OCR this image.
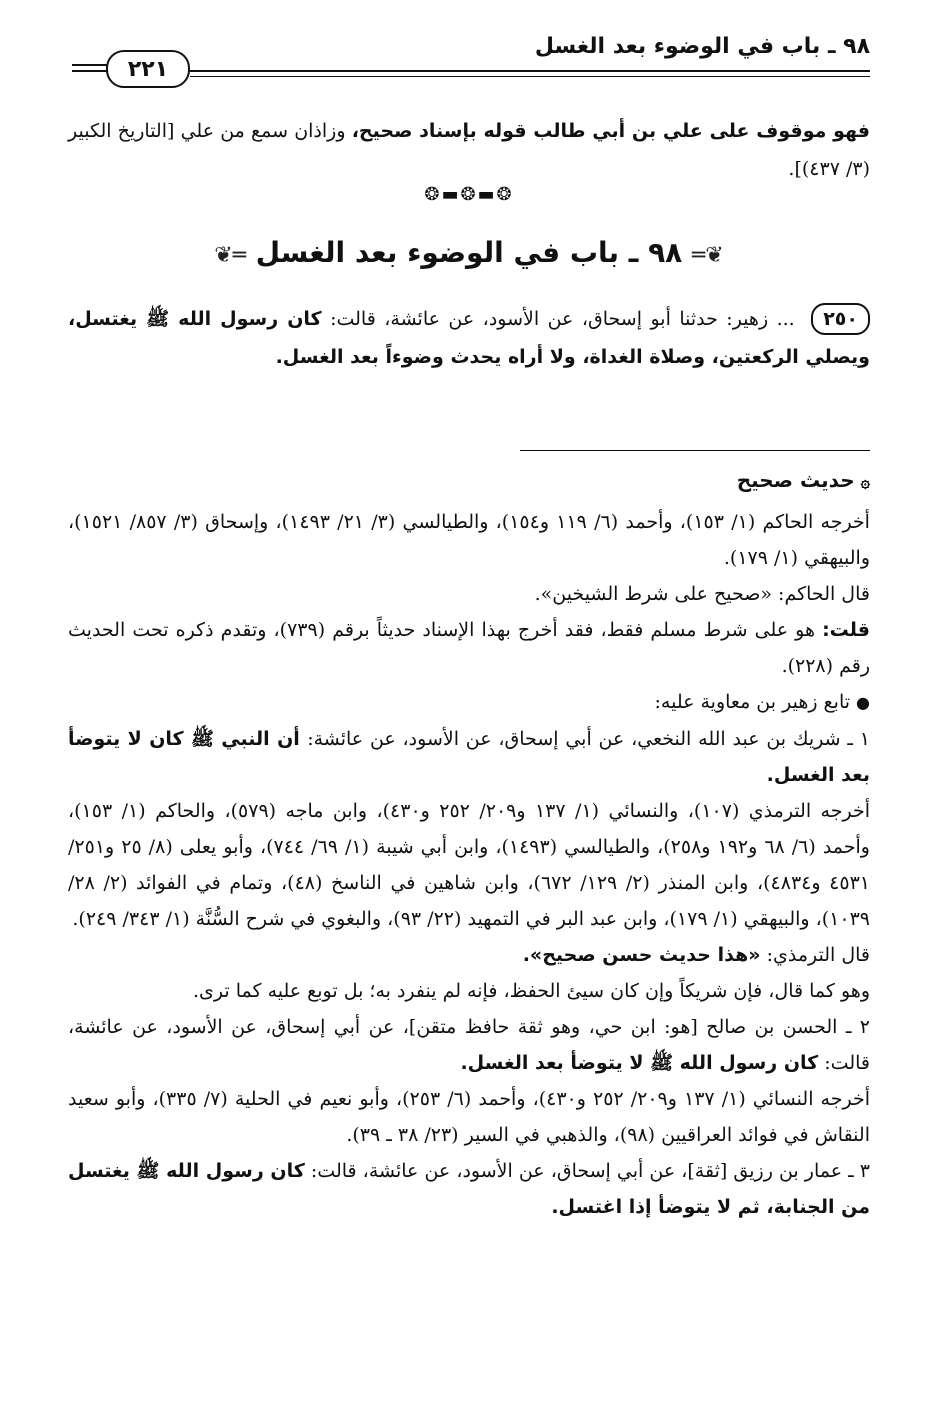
٩٨ ـ باب في الوضوء بعد الغسل
٢٢١
فهو موقوف على علي بن أبي طالب قوله بإسناد صحيح، وزاذان سمع من علي [التاريخ الكبير (٣/ ٤٣٧)].
❂▬❂▬❂
❦═ ٩٨ ـ باب في الوضوء بعد الغسل ═❦
٢٥٠ ... زهير: حدثنا أبو إسحاق، عن الأسود، عن عائشة، قالت: كان رسول الله ﷺ يغتسل، ويصلي الركعتين، وصلاة الغداة، ولا أراه يحدث وضوءاً بعد الغسل.
۞حديث صحيح
أخرجه الحاكم (١/ ١٥٣)، وأحمد (٦/ ١١٩ و١٥٤)، والطيالسي (٣/ ٢١/ ١٤٩٣)، وإسحاق (٣/ ٨٥٧/ ١٥٢١)، والبيهقي (١/ ١٧٩).
قال الحاكم: «صحيح على شرط الشيخين».
قلت: هو على شرط مسلم فقط، فقد أخرج بهذا الإسناد حديثاً برقم (٧٣٩)، وتقدم ذكره تحت الحديث رقم (٢٢٨).
●تابع زهير بن معاوية عليه:
١ ـ شريك بن عبد الله النخعي، عن أبي إسحاق، عن الأسود، عن عائشة: أن النبي ﷺ كان لا يتوضأ بعد الغسل.
أخرجه الترمذي (١٠٧)، والنسائي (١/ ١٣٧ و٢٠٩/ ٢٥٢ و٤٣٠)، وابن ماجه (٥٧٩)، والحاكم (١/ ١٥٣)، وأحمد (٦/ ٦٨ و١٩٢ و٢٥٨)، والطيالسي (١٤٩٣)، وابن أبي شيبة (١/ ٦٩/ ٧٤٤)، وأبو يعلى (٨/ ٢٥ و٢٥١/ ٤٥٣١ و٤٨٣٤)، وابن المنذر (٢/ ١٢٩/ ٦٧٢)، وابن شاهين في الناسخ (٤٨)، وتمام في الفوائد (٢/ ٢٨/ ١٠٣٩)، والبيهقي (١/ ١٧٩)، وابن عبد البر في التمهيد (٢٢/ ٩٣)، والبغوي في شرح السُّنَّة (١/ ٣٤٣/ ٢٤٩).
قال الترمذي: «هذا حديث حسن صحيح».
وهو كما قال، فإن شريكاً وإن كان سيئ الحفظ، فإنه لم ينفرد به؛ بل توبع عليه كما ترى.
٢ ـ الحسن بن صالح [هو: ابن حي، وهو ثقة حافظ متقن]، عن أبي إسحاق، عن الأسود، عن عائشة، قالت: كان رسول الله ﷺ لا يتوضأ بعد الغسل.
أخرجه النسائي (١/ ١٣٧ و٢٠٩/ ٢٥٢ و٤٣٠)، وأحمد (٦/ ٢٥٣)، وأبو نعيم في الحلية (٧/ ٣٣٥)، وأبو سعيد النقاش في فوائد العراقيين (٩٨)، والذهبي في السير (٢٣/ ٣٨ ـ ٣٩).
٣ ـ عمار بن رزيق [ثقة]، عن أبي إسحاق، عن الأسود، عن عائشة، قالت: كان رسول الله ﷺ يغتسل من الجنابة، ثم لا يتوضأ إذا اغتسل.
